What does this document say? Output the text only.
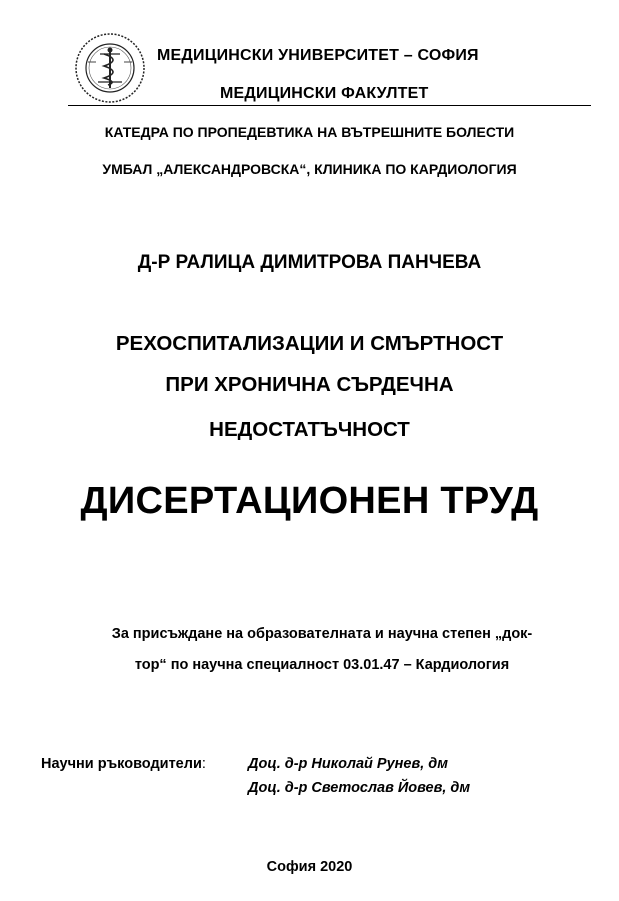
МЕДИЦИНСКИ УНИВЕРСИТЕТ – СОФИЯ
МЕДИЦИНСКИ ФАКУЛТЕТ
КАТЕДРА ПО ПРОПЕДЕВТИКА НА ВЪТРЕШНИТЕ БОЛЕСТИ
УМБАЛ „АЛЕКСАНДРОВСКА“, КЛИНИКА ПО КАРДИОЛОГИЯ
Д-Р РАЛИЦА ДИМИТРОВА ПАНЧЕВА
РЕХОСПИТАЛИЗАЦИИ И СМЪРТНОСТ
ПРИ ХРОНИЧНА СЪРДЕЧНА
НЕДОСТАТЪЧНОСТ
ДИСЕРТАЦИОНЕН ТРУД
За присъждане на образователната и научна степен „док-
тор“ по научна специалност 03.01.47 – Кардиология
Научни ръководители:	Доц. д-р Николай Рунев, дм
Доц. д-р Светослав Йовев, дм
София 2020
